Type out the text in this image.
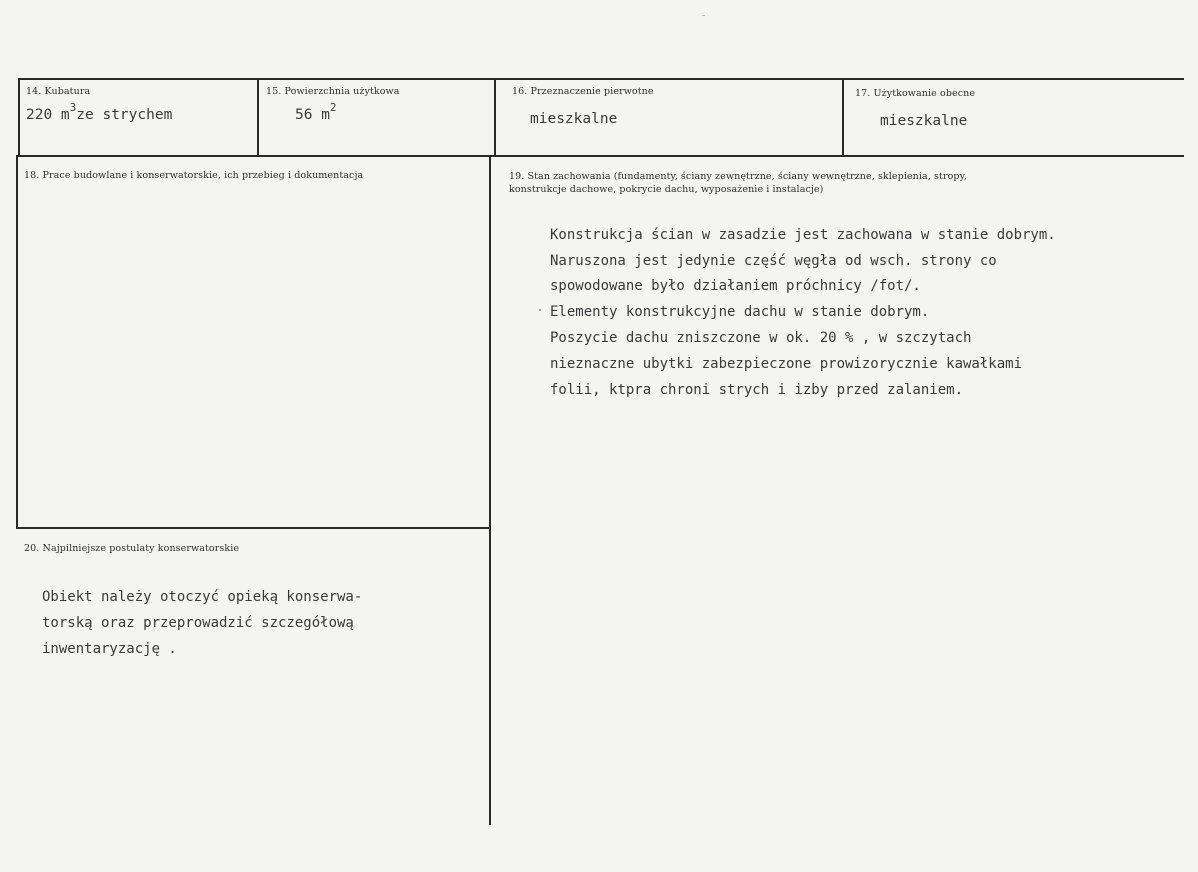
14. Kubatura
220 $m^3ze$ strychem
15. Powierzchnia użytkowa
56 $m^2$
16. Przeznaczenie pierwotne
mieszkalne
17. Użytkowanie obecne
mieszkalne
18. Prace budowlane i konserwatorskie, ich przebieg i dokumentacja	19. Stan zachowania (fundamenty, ściany zewnętrzne, ściany wewnętrzne, sklepienia, stropy,
konstrukcje dachowe, pokrycie dachu, wyposażenie i instalacje)
Konstrukcja ścian w zasadzie jest zachowana w stanie dobrym.
Naruszona jest jedynie część węgła od wsch. strony co
spowodowane było działaniem próchnicy /fot/.
Elementy konstrukcyjne dachu w stanie dobrym.
Poszycie dachu zniszczone w ok. 20 % , w szczytach
nieznaczne ubytki zabezpieczone prowizorycznie kawałkami
folii, ktpra chroni strych i izby przed zalaniem.
20. Najpilniejsze postulaty konserwatorskie
Obiekt należy otoczyć opieką konserwa-
torską oraz przeprowadzić szczegółową
inwentaryzację .
